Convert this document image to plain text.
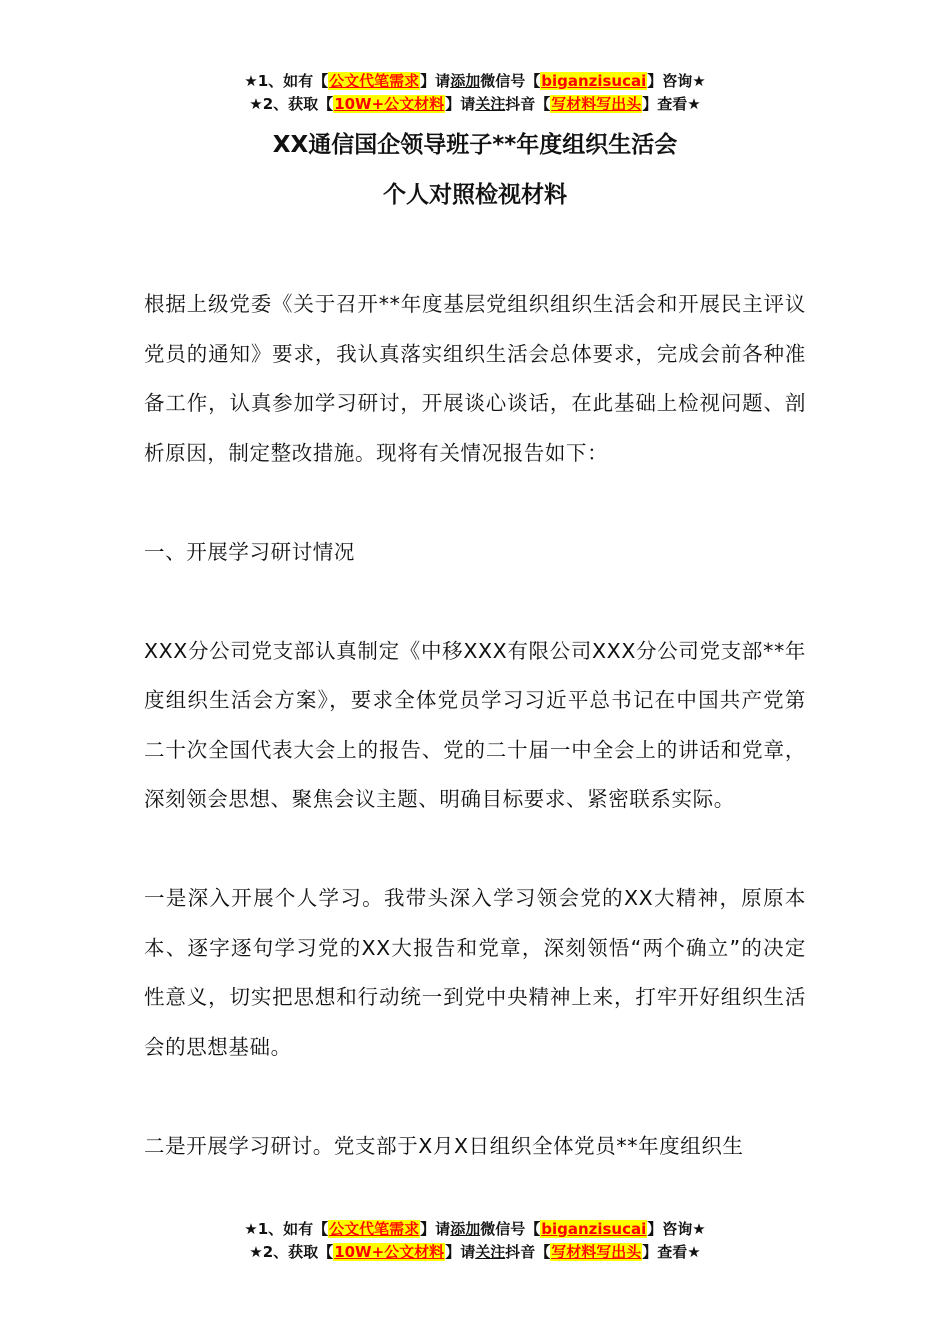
★1、如有【公文代笔需求】请添加微信号【biganzisucai】咨询★
★2、获取【10W+公文材料】请关注抖音【写材料写出头】查看★
XX通信国企领导班子**年度组织生活会
个人对照检视材料

根据上级党委《关于召开**年度基层党组织组织生活会和开展民主评议党员的通知》要求，我认真落实组织生活会总体要求，完成会前各种准备工作，认真参加学习研讨，开展谈心谈话，在此基础上检视问题、剖析原因，制定整改措施。现将有关情况报告如下：

一、开展学习研讨情况

XXX分公司党支部认真制定《中移XXX有限公司XXX分公司党支部**年度组织生活会方案》，要求全体党员学习习近平总书记在中国共产党第二十次全国代表大会上的报告、党的二十届一中全会上的讲话和党章，深刻领会思想、聚焦会议主题、明确目标要求、紧密联系实际。

一是深入开展个人学习。我带头深入学习领会党的XX大精神，原原本本、逐字逐句学习党的XX大报告和党章，深刻领悟“两个确立”的决定性意义，切实把思想和行动统一到党中央精神上来，打牢开好组织生活会的思想基础。

二是开展学习研讨。党支部于X月X日组织全体党员**年度组织生

★1、如有【公文代笔需求】请添加微信号【biganzisucai】咨询★
★2、获取【10W+公文材料】请关注抖音【写材料写出头】查看★
